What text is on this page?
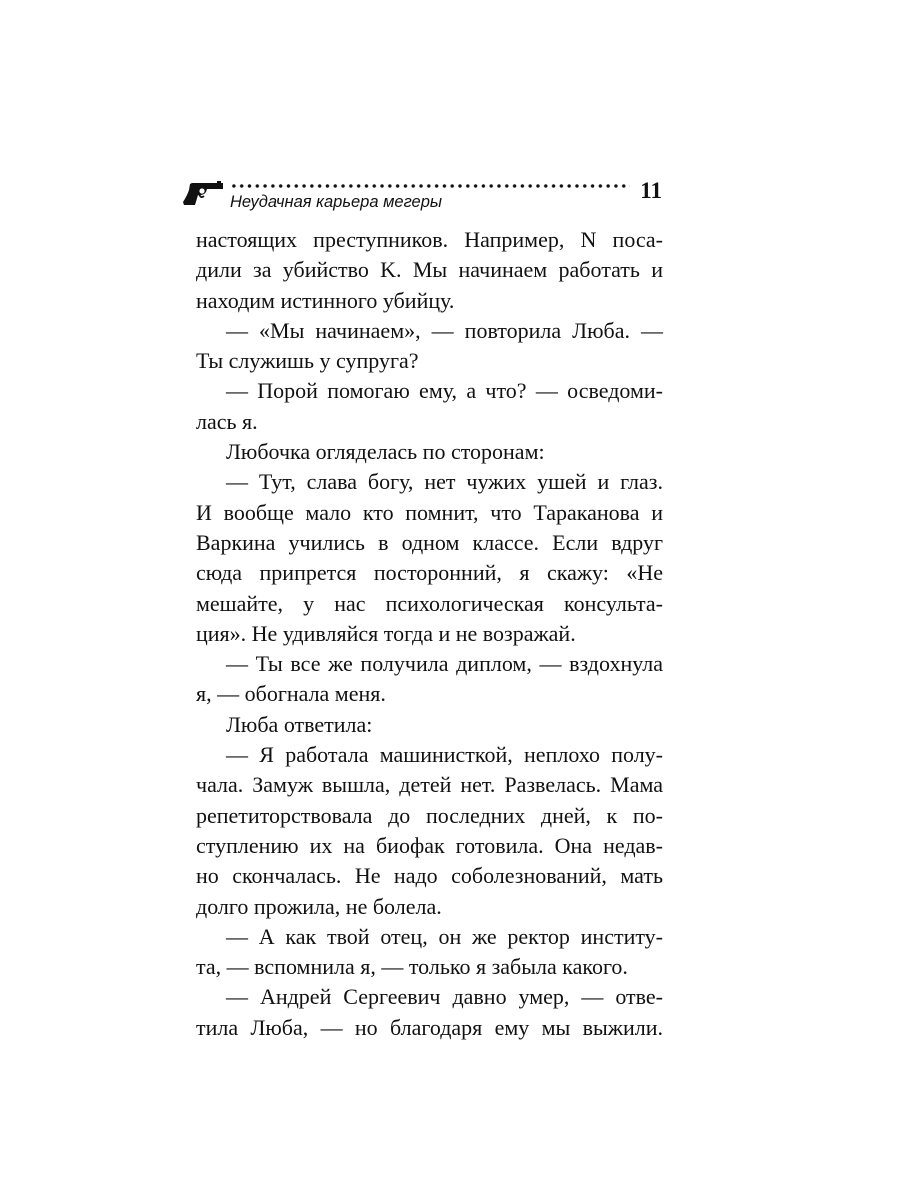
Неудачная карьера мегеры	11
настоящих преступников. Например, N поса-
дили за убийство K. Мы начинаем работать и
находим истинного убийцу.
— «Мы начинаем», — повторила Люба. —
Ты служишь у супруга?
— Порой помогаю ему, а что? — осведоми-
лась я.
Любочка огляделась по сторонам:
— Тут, слава богу, нет чужих ушей и глаз.
И вообще мало кто помнит, что Тараканова и
Варкина учились в одном классе. Если вдруг
сюда припрется посторонний, я скажу: «Не
мешайте, у нас психологическая консульта-
ция». Не удивляйся тогда и не возражай.
— Ты все же получила диплом, — вздохнула
я, — обогнала меня.
Люба ответила:
— Я работала машинисткой, неплохо полу-
чала. Замуж вышла, детей нет. Развелась. Мама
репетиторствовала до последних дней, к по-
ступлению их на биофак готовила. Она недав-
но скончалась. Не надо соболезнований, мать
долго прожила, не болела.
— А как твой отец, он же ректор институ-
та, — вспомнила я, — только я забыла какого.
— Андрей Сергеевич давно умер, — отве-
тила Люба, — но благодаря ему мы выжили.
